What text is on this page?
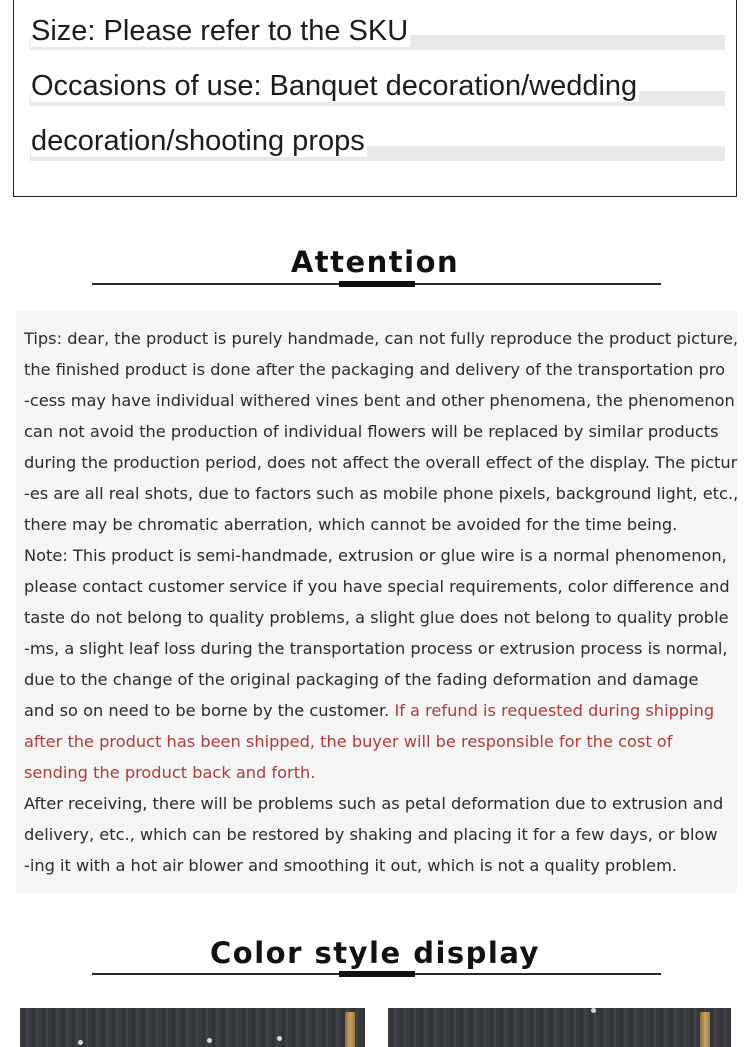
Size: Please refer to the SKU
Occasions of use: Banquet decoration/wedding
decoration/shooting props
Attention
Tips: dear, the product is purely handmade, can not fully reproduce the product picture,
the finished product is done after the packaging and delivery of the transportation pro
-cess may have individual withered vines bent and other phenomena, the phenomenon
can not avoid the production of individual flowers will be replaced by similar products
during the production period, does not affect the overall effect of the display. The pictur
-es are all real shots, due to factors such as mobile phone pixels, background light, etc.,
there may be chromatic aberration, which cannot be avoided for the time being.
Note: This product is semi-handmade, extrusion or glue wire is a normal phenomenon,
please contact customer service if you have special requirements, color difference and
taste do not belong to quality problems, a slight glue does not belong to quality proble
-ms, a slight leaf loss during the transportation process or extrusion process is normal,
due to the change of the original packaging of the fading deformation and damage
and so on need to be borne by the customer. If a refund is requested during shipping
after the product has been shipped, the buyer will be responsible for the cost of
sending the product back and forth.
After receiving, there will be problems such as petal deformation due to extrusion and
delivery, etc., which can be restored by shaking and placing it for a few days, or blow
-ing it with a hot air blower and smoothing it out, which is not a quality problem.
Color style display
